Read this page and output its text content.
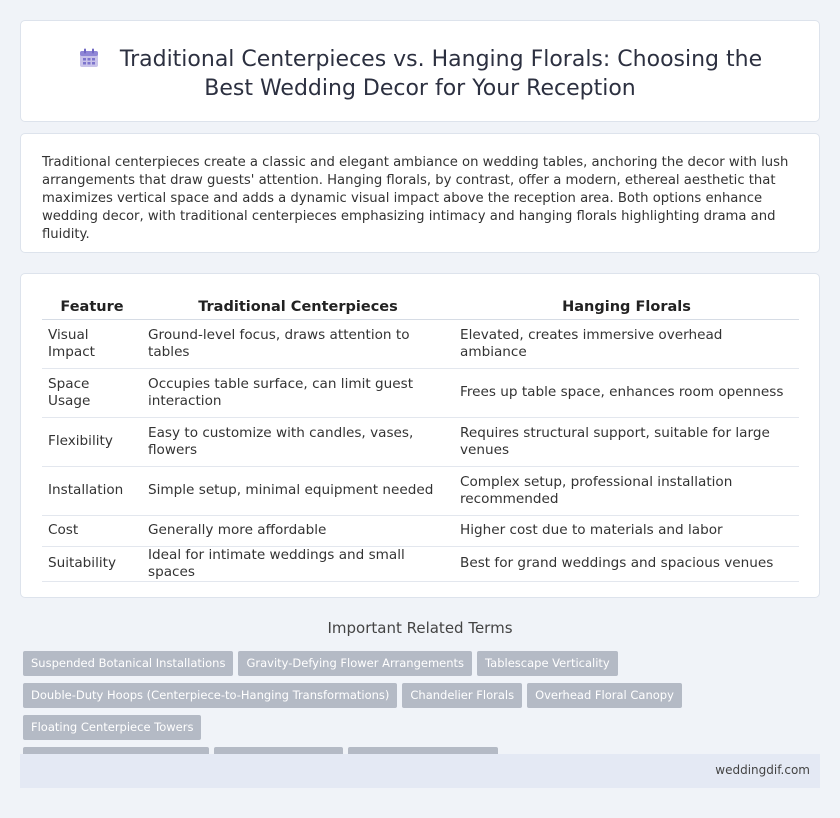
Traditional Centerpieces vs. Hanging Florals: Choosing the Best Wedding Decor for Your Reception

Traditional centerpieces create a classic and elegant ambiance on wedding tables, anchoring the decor with lush arrangements that draw guests' attention. Hanging florals, by contrast, offer a modern, ethereal aesthetic that maximizes vertical space and adds a dynamic visual impact above the reception area. Both options enhance wedding decor, with traditional centerpieces emphasizing intimacy and hanging florals highlighting drama and fluidity.

Feature	Traditional Centerpieces	Hanging Florals
Visual Impact	Ground-level focus, draws attention to tables	Elevated, creates immersive overhead ambiance
Space Usage	Occupies table surface, can limit guest interaction	Frees up table space, enhances room openness
Flexibility	Easy to customize with candles, vases, flowers	Requires structural support, suitable for large venues
Installation	Simple setup, minimal equipment needed	Complex setup, professional installation recommended
Cost	Generally more affordable	Higher cost due to materials and labor
Suitability	Ideal for intimate weddings and small spaces	Best for grand weddings and spacious venues
Important Related Terms
Suspended Botanical Installations	Gravity-Defying Flower Arrangements	Tablescape Verticality
Double-Duty Hoops (Centerpiece-to-Hanging Transformations)	Chandelier Florals	Overhead Floral Canopy
Floating Centerpiece Towers
weddingdif.com
